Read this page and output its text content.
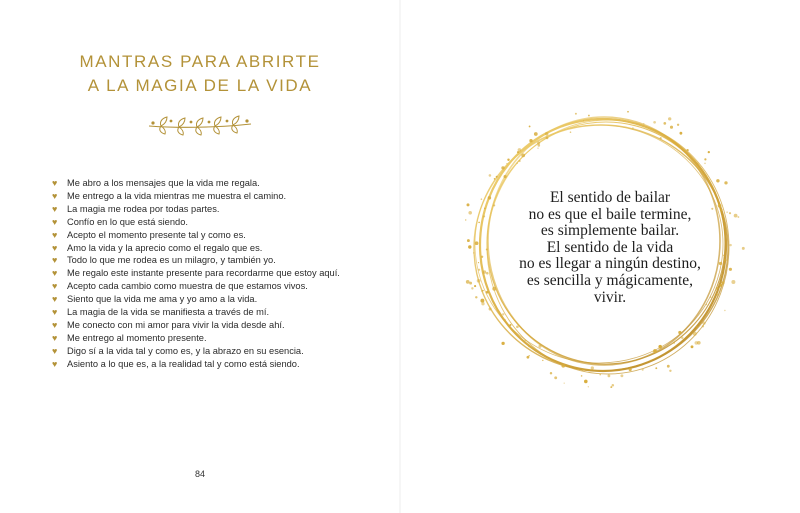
MANTRAS PARA ABRIRTE
A LA MAGIA DE LA VIDA
♥ Me abro a los mensajes que la vida me regala.
♥ Me entrego a la vida mientras me muestra el camino.
♥ La magia me rodea por todas partes.
♥ Confío en lo que está siendo.
♥ Acepto el momento presente tal y como es.
♥ Amo la vida y la aprecio como el regalo que es.
♥ Todo lo que me rodea es un milagro, y también yo.
♥ Me regalo este instante presente para recordarme que estoy aquí.
♥ Acepto cada cambio como muestra de que estamos vivos.
♥ Siento que la vida me ama y yo amo a la vida.
♥ La magia de la vida se manifiesta a través de mí.
♥ Me conecto con mi amor para vivir la vida desde ahí.
♥ Me entrego al momento presente.
♥ Digo sí a la vida tal y como es, y la abrazo en su esencia.
♥ Asiento a lo que es, a la realidad tal y como está siendo.
84
El sentido de bailar
no es que el baile termine,
es simplemente bailar.
El sentido de la vida
no es llegar a ningún destino,
es sencilla y mágicamente,
vivir.
